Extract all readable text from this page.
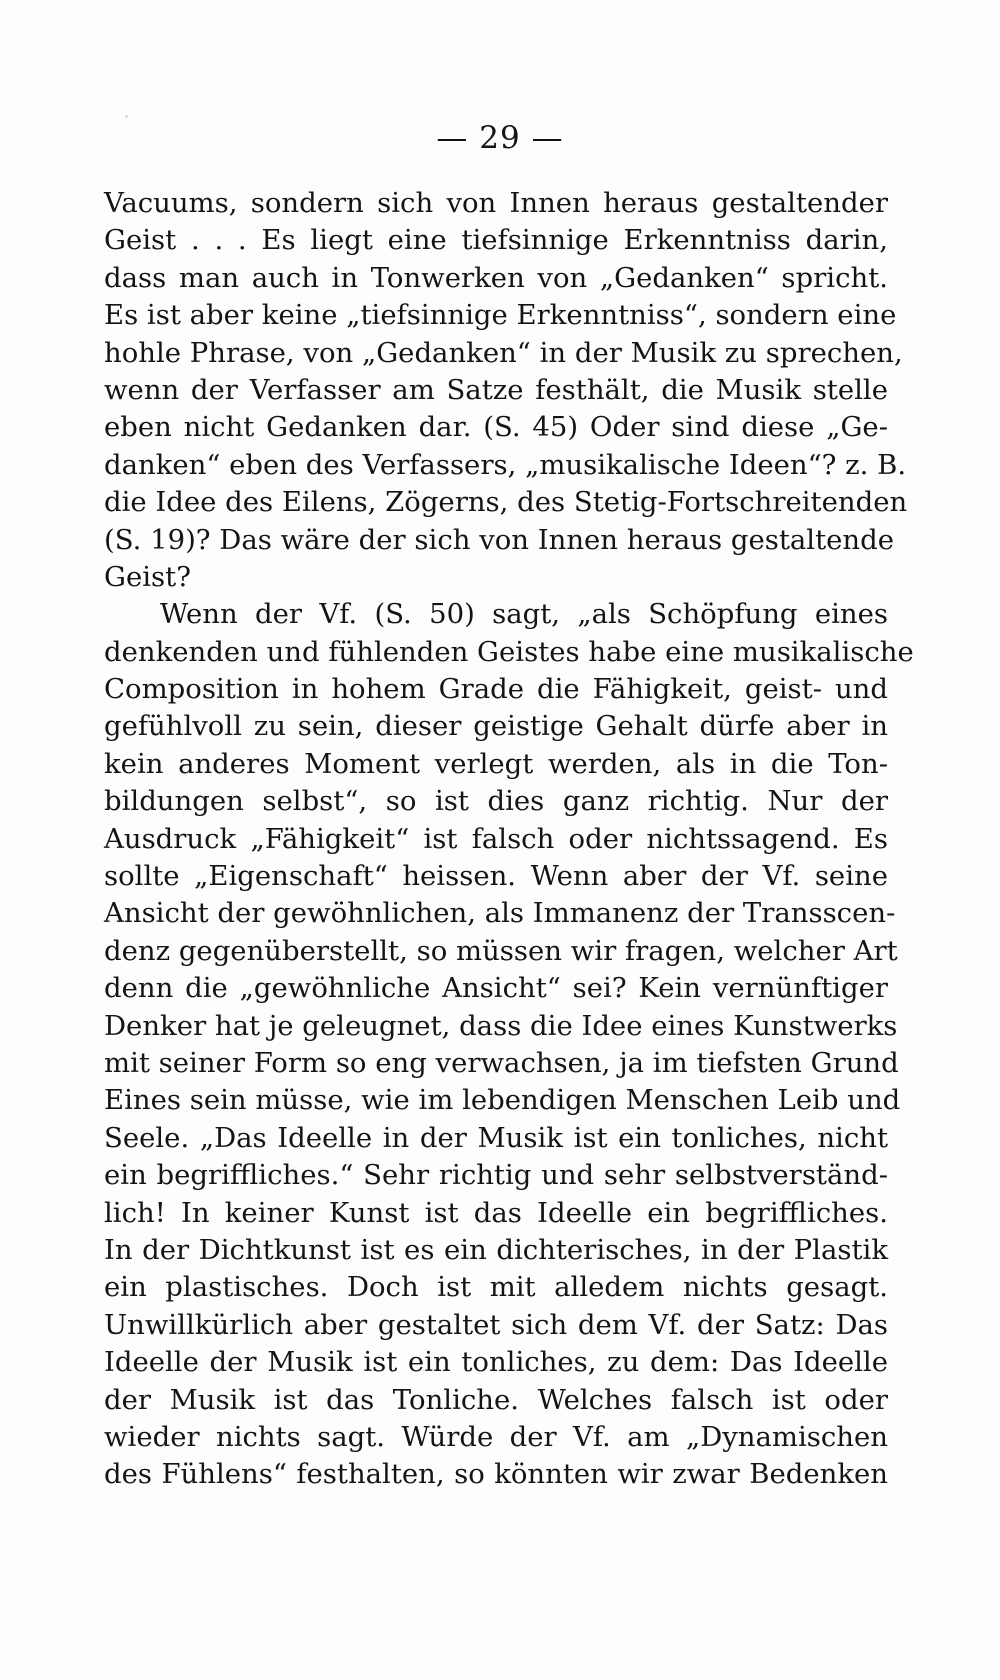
— 29 —
Vacuums, sondern sich von Innen heraus gestaltender
Geist . . . Es liegt eine tiefsinnige Erkenntniss darin,
dass man auch in Tonwerken von „Gedanken“ spricht.
Es ist aber keine „tiefsinnige Erkenntniss“, sondern eine
hohle Phrase, von „Gedanken“ in der Musik zu sprechen,
wenn der Verfasser am Satze festhält, die Musik stelle
eben nicht Gedanken dar. (S. 45) Oder sind diese „Ge-
danken“ eben des Verfassers, „musikalische Ideen“? z. B.
die Idee des Eilens, Zögerns, des Stetig-Fortschreitenden
(S. 19)? Das wäre der sich von Innen heraus gestaltende
Geist?
Wenn der Vf. (S. 50) sagt, „als Schöpfung eines
denkenden und fühlenden Geistes habe eine musikalische
Composition in hohem Grade die Fähigkeit, geist- und
gefühlvoll zu sein, dieser geistige Gehalt dürfe aber in
kein anderes Moment verlegt werden, als in die Ton-
bildungen selbst“, so ist dies ganz richtig. Nur der
Ausdruck „Fähigkeit“ ist falsch oder nichtssagend. Es
sollte „Eigenschaft“ heissen. Wenn aber der Vf. seine
Ansicht der gewöhnlichen, als Immanenz der Transscen-
denz gegenüberstellt, so müssen wir fragen, welcher Art
denn die „gewöhnliche Ansicht“ sei? Kein vernünftiger
Denker hat je geleugnet, dass die Idee eines Kunstwerks
mit seiner Form so eng verwachsen, ja im tiefsten Grund
Eines sein müsse, wie im lebendigen Menschen Leib und
Seele. „Das Ideelle in der Musik ist ein tonliches, nicht
ein begriffliches.“ Sehr richtig und sehr selbstverständ-
lich! In keiner Kunst ist das Ideelle ein begriffliches.
In der Dichtkunst ist es ein dichterisches, in der Plastik
ein plastisches. Doch ist mit alledem nichts gesagt.
Unwillkürlich aber gestaltet sich dem Vf. der Satz: Das
Ideelle der Musik ist ein tonliches, zu dem: Das Ideelle
der Musik ist das Tonliche. Welches falsch ist oder
wieder nichts sagt. Würde der Vf. am „Dynamischen
des Fühlens“ festhalten, so könnten wir zwar Bedenken
